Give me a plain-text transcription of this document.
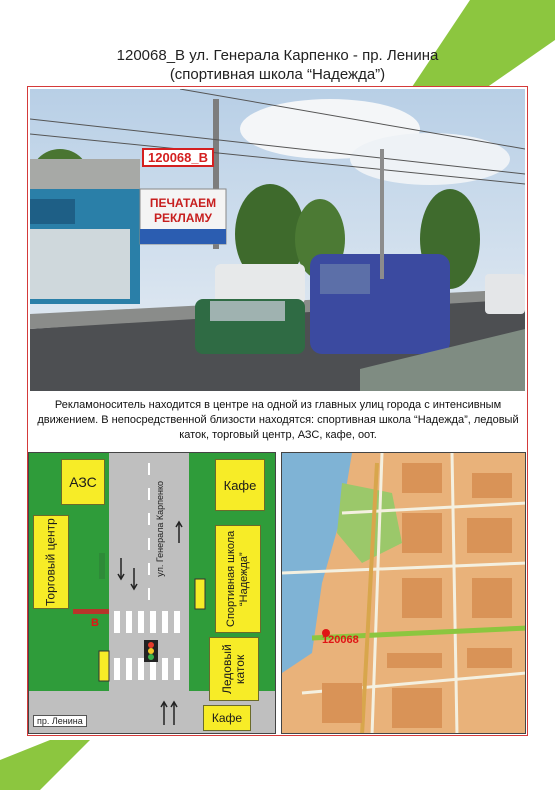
120068_В ул. Генерала Карпенко - пр. Ленина
(спортивная школа “Надежда”)
ПЕЧАТАЕМ
РЕКЛАМУ
120068_В
Рекламоноситель находится в центре на одной из главных улиц города с интенсивным движением. В непосредственной близости находятся: спортивная школа “Надежда”, ледовый каток, торговый центр, АЗС, кафе, оот.
АЗС	Кафе
Торговый центр	Спортивная школа “Надежда”
Ледовый каток
Кафе
ул. Генерала Карпенко
пр. Ленина
В
120068
